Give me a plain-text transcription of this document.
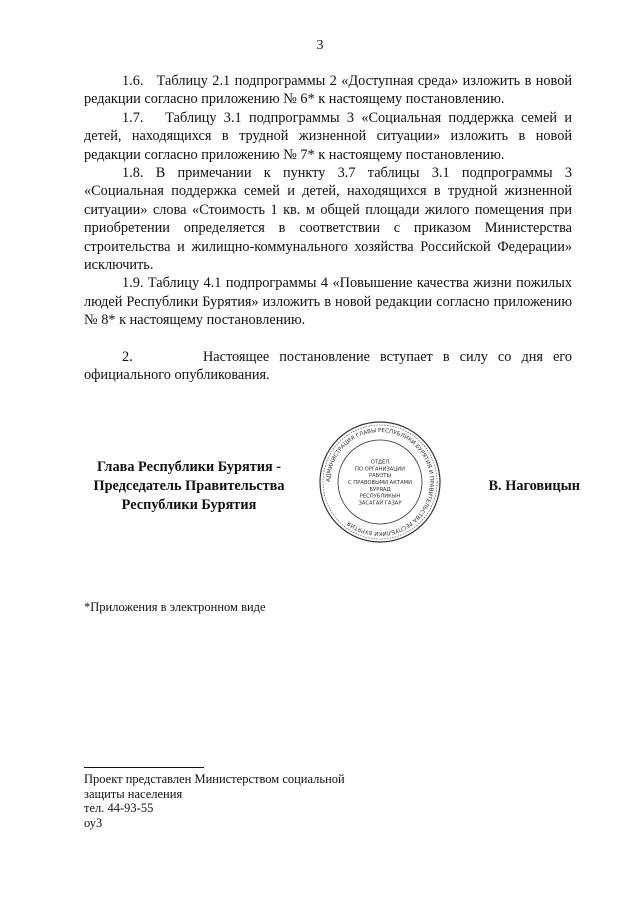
3

1.6.   Таблицу 2.1 подпрограммы 2 «Доступная среда» изложить в новой редакции согласно приложению № 6* к настоящему постановлению.

1.7.   Таблицу 3.1 подпрограммы 3 «Социальная поддержка семей и детей, находящихся в трудной жизненной ситуации» изложить в новой редакции согласно приложению № 7* к настоящему постановлению.

1.8. В примечании к пункту 3.7 таблицы 3.1 подпрограммы 3 «Социальная поддержка семей и детей, находящихся в трудной жизненной ситуации» слова «Стоимость 1 кв. м общей площади жилого помещения при приобретении определяется в соответствии с приказом Министерства строительства и жилищно-коммунального хозяйства Российской Федерации» исключить.

1.9. Таблицу 4.1 подпрограммы 4 «Повышение качества жизни пожилых людей Республики Бурятия» изложить в новой редакции согласно приложению № 8* к настоящему постановлению.

2.       Настоящее постановление вступает в силу со дня его официального опубликования.

Глава Республики Бурятия -
Председатель Правительства
Республики Бурятия
АДМИНИСТРАЦИЯ ГЛАВЫ РЕСПУБЛИКИ БУРЯТИЯ И ПРАВИТЕЛЬСТВА РЕСПУБЛИКИ БУРЯТИЯ
ОТДЕЛ
ПО ОРГАНИЗАЦИИ
РАБОТЫ
С ПРАВОВЫМИ АКТАМИ
БУРЯАД
РЕСПУБЛИКЫН
ЗАСАГАЙ ГАЗАР
В. Наговицын
*Приложения в электронном виде
Проект представлен Министерством социальной
защиты населения
тел. 44-93-55
оу3
